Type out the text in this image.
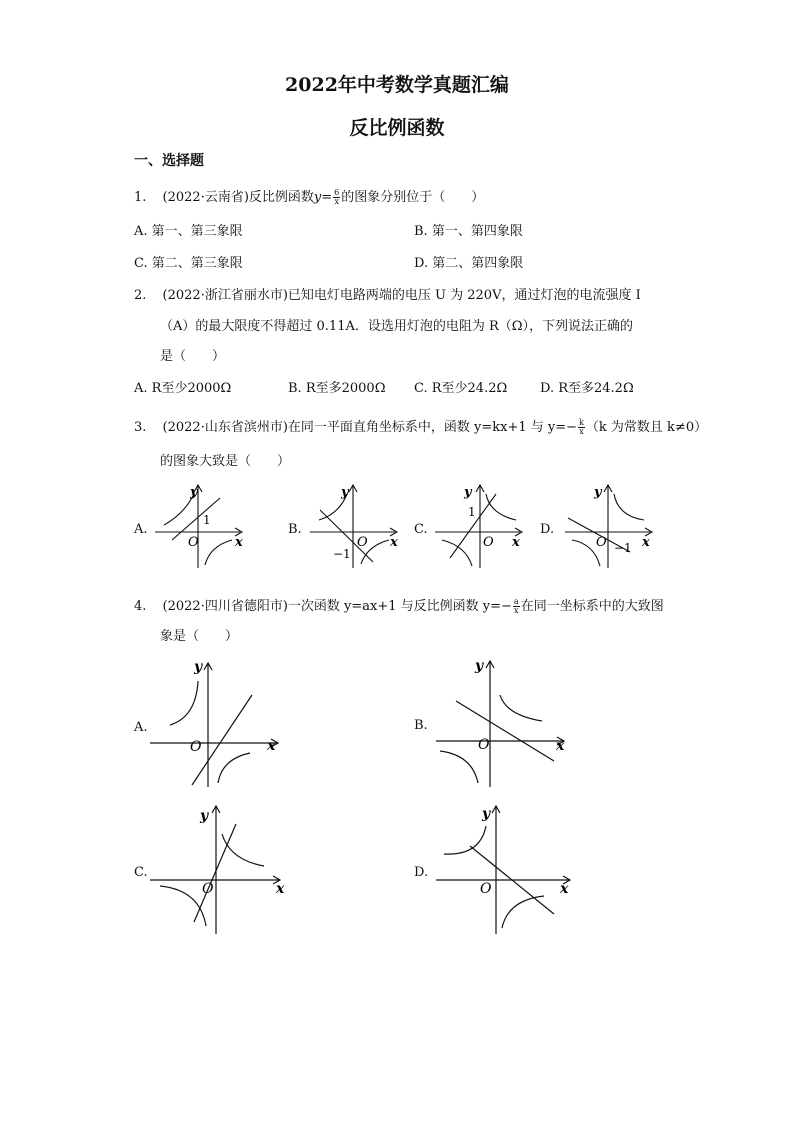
2022年中考数学真题汇编
反比例函数
一、选择题
1. (2022·云南省)反比例函数$y= \frac{6}{x}$ 的图象分别位于（　　）
A. 第一、第三象限	B. 第一、第四象限
C. 第二、第三象限	D. 第二、第四象限
2. (2022·浙江省丽水市)已知电灯电路两端的电压 U 为 220V，通过灯泡的电流强度 I
（A）的最大限度不得超过 0.11A．设选用灯泡的电阻为 R（Ω），下列说法正确的
是（　　）
A. R至少2000Ω	B. R至多2000Ω C. R至少24.2Ω	D. R至多24.2Ω
3. (2022·山东省滨州市)在同一平面直角坐标系中，函数 y=kx+1 与 $y=- \frac{k}{x} (k$ 为常数且 k≠0）
的图象大致是（　　）
A.	B.	C.	D.
y
x
O
1
y
x
O
−1
y
x
O
1
y
x
O −1
4. (2022·四川省德阳市)一次函数 y=ax+1 与反比例函数 $y=- \frac{a}{x}$ 在同一坐标系中的大致图
象是（　　）
A.	B.
C.	D.
y
x
O
y
x
O
y
x
O
y
x
O
